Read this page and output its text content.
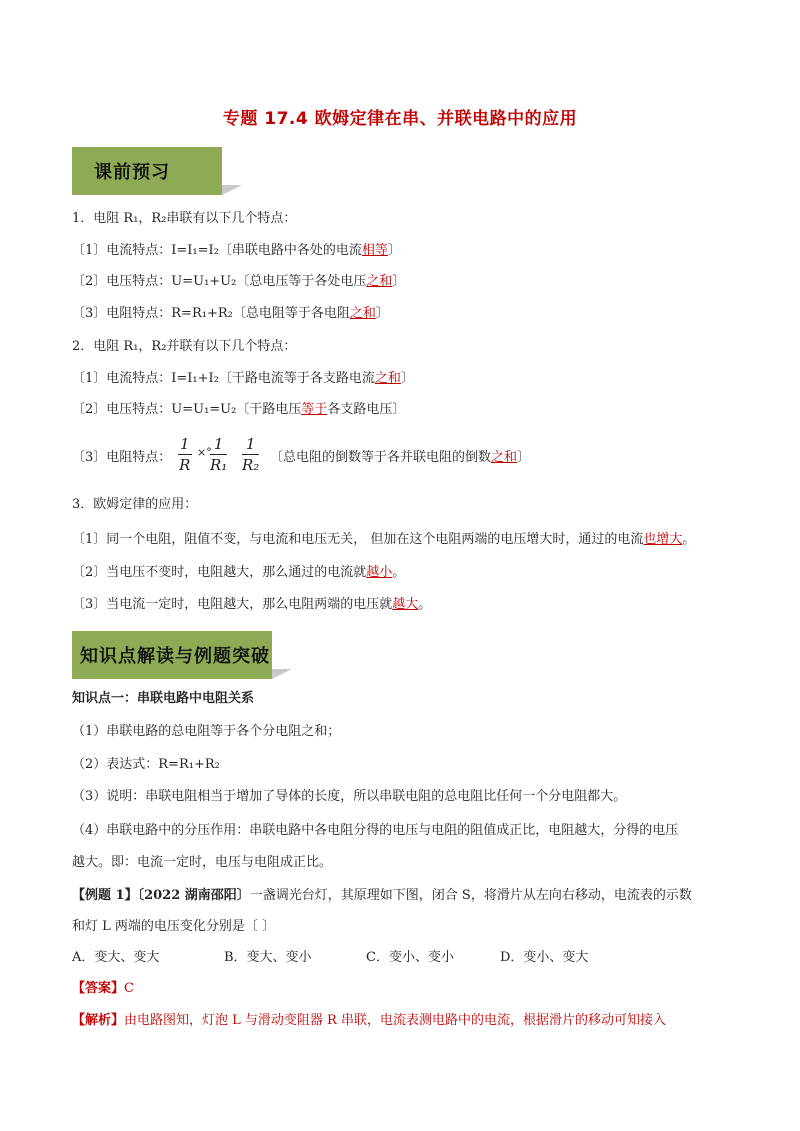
专题 17.4 欧姆定律在串、并联电路中的应用
课前预习
1．电阻 R₁，R₂串联有以下几个特点：
〔1〕电流特点：I=I₁=I₂〔串联电路中各处的电流相等〕
〔2〕电压特点：U=U₁+U₂〔总电压等于各处电压之和〕
〔3〕电阻特点：R=R₁+R₂〔总电阻等于各电阻之和〕
2．电阻 R₁，R₂并联有以下几个特点：
〔1〕电流特点：I=I₁+I₂〔干路电流等于各支路电流之和〕
〔2〕电压特点：U=U₁=U₂〔干路电压等于各支路电压〕
〔3〕电阻特点： $\frac{1}{R}$ ×°
$\frac{1}{\text{R₁}} \frac{1}{\text{R₂}}$ 〔总电阻的倒数等于各并联电阻的倒数之和〕
3．欧姆定律的应用：
〔1〕同一个电阻，阻值不变，与电流和电压无关， 但加在这个电阻两端的电压增大时，通过的电流也增大。
〔2〕当电压不变时，电阻越大，那么通过的电流就越小。
〔3〕当电流一定时，电阻越大，那么电阻两端的电压就越大。
知识点解读与例题突破
知识点一：串联电路中电阻关系
（1）串联电路的总电阻等于各个分电阻之和；
（2）表达式：R=R₁+R₂
（3）说明：串联电阻相当于增加了导体的长度，所以串联电阻的总电阻比任何一个分电阻都大。
（4）串联电路中的分压作用：串联电路中各电阻分得的电压与电阻的阻值成正比，电阻越大，分得的电压
越大。即：电流一定时，电压与电阻成正比。
【例题 1】〔2022 湖南邵阳〕一盏调光台灯，其原理如下图，闭合 S，将滑片从左向右移动，电流表的示数
和灯 L 两端的电压变化分别是〔 〕
A．变大、变大	B．变大、变小	C．变小、变小	D．变小、变大
【答案】C
【解析】由电路图知，灯泡 L 与滑动变阻器 R 串联，电流表测电路中的电流，根据滑片的移动可知接入
